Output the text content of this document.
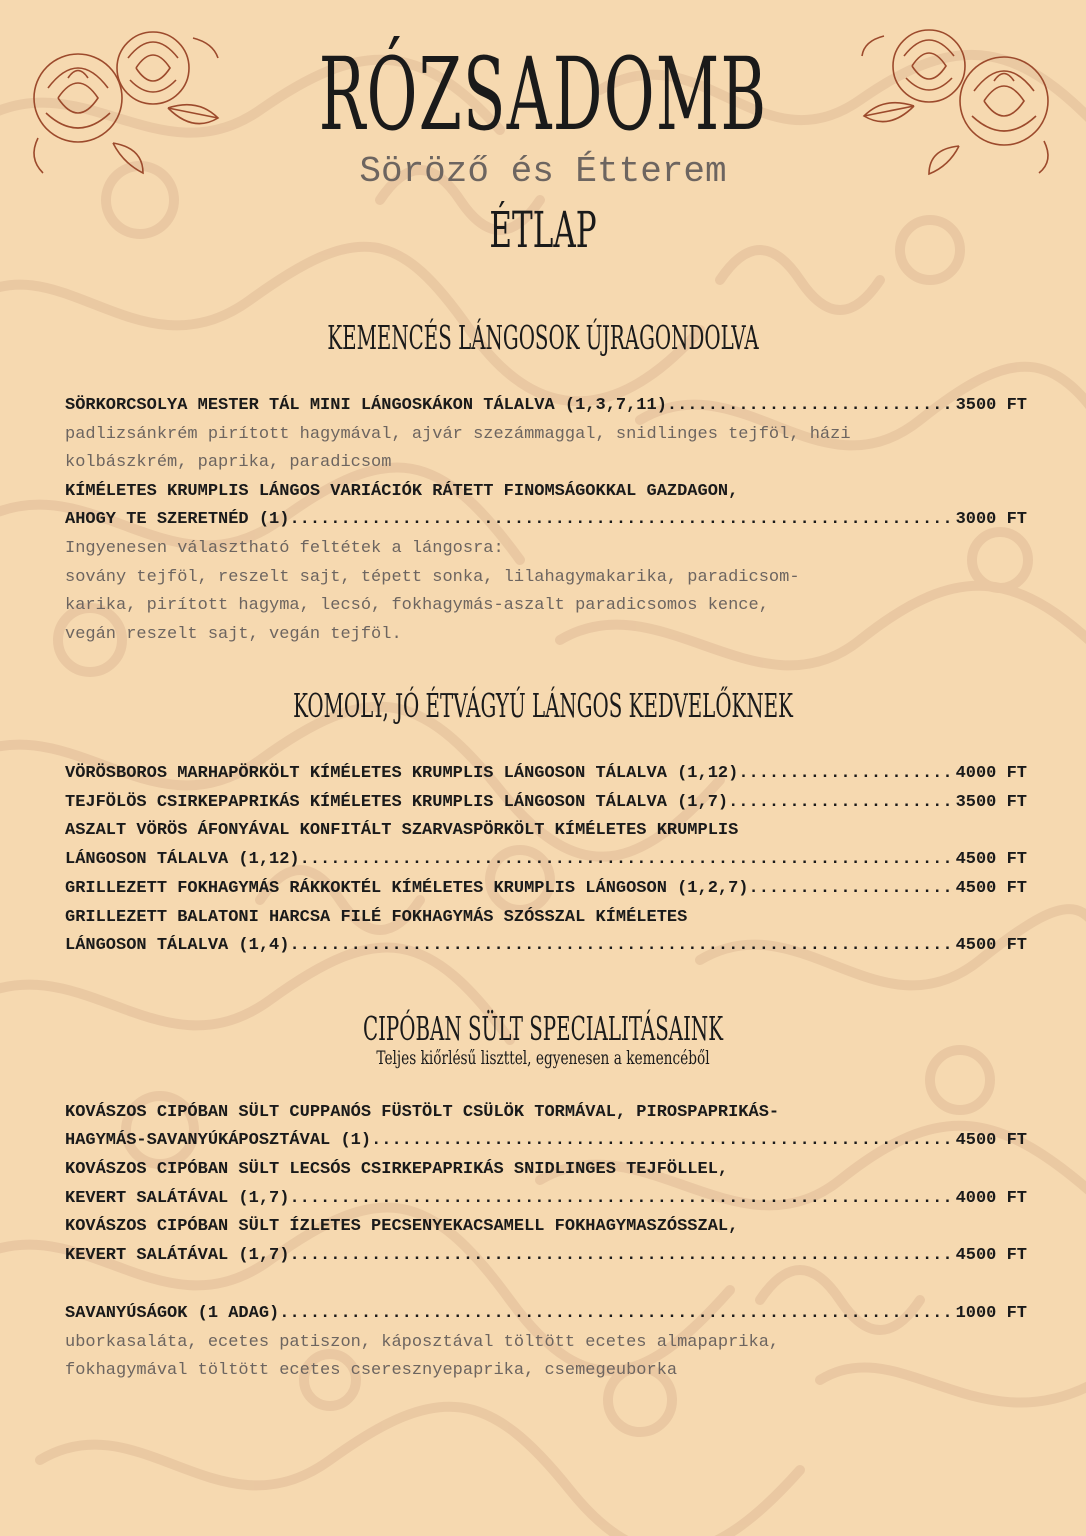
RÓZSADOMB
Söröző és Étterem
ÉTLAP
KEMENCÉS LÁNGOSOK ÚJRAGONDOLVA
SÖRKORCSOLYA MESTER TÁL MINI LÁNGOSKÁKON TÁLALVA (1,3,7,11) .....	3500 FT
padlizsánkrém pirított hagymával, ajvár szezámmaggal, snidlinges tejföl, házi
kolbászkrém, paprika, paradicsom
KÍMÉLETES KRUMPLIS LÁNGOS VARIÁCIÓK RÁTETT FINOMSÁGOKKAL GAZDAGON,
AHOGY TE SZERETNÉD (1) .....	3000 FT
Ingyenesen választható feltétek a lángosra:
sovány tejföl, reszelt sajt, tépett sonka, lilahagymakarika, paradicsom-
karika, pirított hagyma, lecsó, fokhagymás-aszalt paradicsomos kence,
vegán reszelt sajt, vegán tejföl.
KOMOLY, JÓ ÉTVÁGYÚ LÁNGOS KEDVELŐKNEK
VÖRÖSBOROS MARHAPÖRKÖLT KÍMÉLETES KRUMPLIS LÁNGOSON TÁLALVA (1,12) .....	4000 FT
TEJFÖLÖS CSIRKEPAPRIKÁS KÍMÉLETES KRUMPLIS LÁNGOSON TÁLALVA (1,7) .....	3500 FT
ASZALT VÖRÖS ÁFONYÁVAL KONFITÁLT SZARVASPÖRKÖLT KÍMÉLETES KRUMPLIS
LÁNGOSON TÁLALVA (1,12) .....	4500 FT
GRILLEZETT FOKHAGYMÁS RÁKKOKTÉL KÍMÉLETES KRUMPLIS LÁNGOSON (1,2,7) .....	4500 FT
GRILLEZETT BALATONI HARCSA FILÉ FOKHAGYMÁS SZÓSSZAL KÍMÉLETES
LÁNGOSON TÁLALVA (1,4) .....	4500 FT
CIPÓBAN SÜLT SPECIALITÁSAINK
Teljes kiőrlésű liszttel, egyenesen a kemencéből
KOVÁSZOS CIPÓBAN SÜLT CUPPANÓS FÜSTÖLT CSÜLÖK TORMÁVAL, PIROSPAPRIKÁS-
HAGYMÁS-SAVANYÚKÁPOSZTÁVAL (1) .....	4500 FT
KOVÁSZOS CIPÓBAN SÜLT LECSÓS CSIRKEPAPRIKÁS SNIDLINGES TEJFÖLLEL,
KEVERT SALÁTÁVAL (1,7) .....	4000 FT
KOVÁSZOS CIPÓBAN SÜLT ÍZLETES PECSENYEKACSAMELL FOKHAGYMASZÓSSZAL,
KEVERT SALÁTÁVAL (1,7) .....	4500 FT
SAVANYÚSÁGOK (1 ADAG) .....	1000 FT
uborkasaláta, ecetes patiszon, káposztával töltött ecetes almapaprika,
fokhagymával töltött ecetes cseresznyepaprika, csemegeuborka
